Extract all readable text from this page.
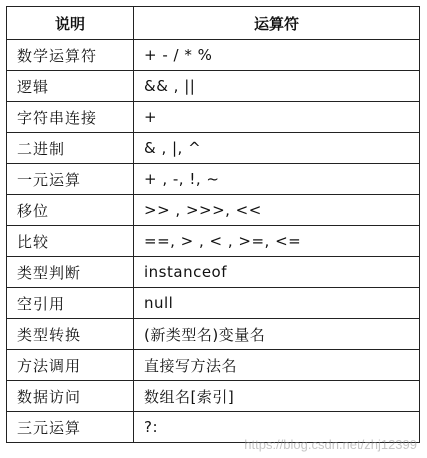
说明	运算符
数学运算符	+ - / * %
逻辑	&& , ||
字符串连接	+
二进制	& , |, ^
一元运算	+ , -, !, ~
移位	>> , >>>, <<
比较	==, > , < , >=, <=
类型判断	instanceof
空引用	null
类型转换	(新类型名)变量名
方法调用	直接写方法名
数据访问	数组名[索引]
三元运算	?:
https://blog.csdn.net/zhj12399
